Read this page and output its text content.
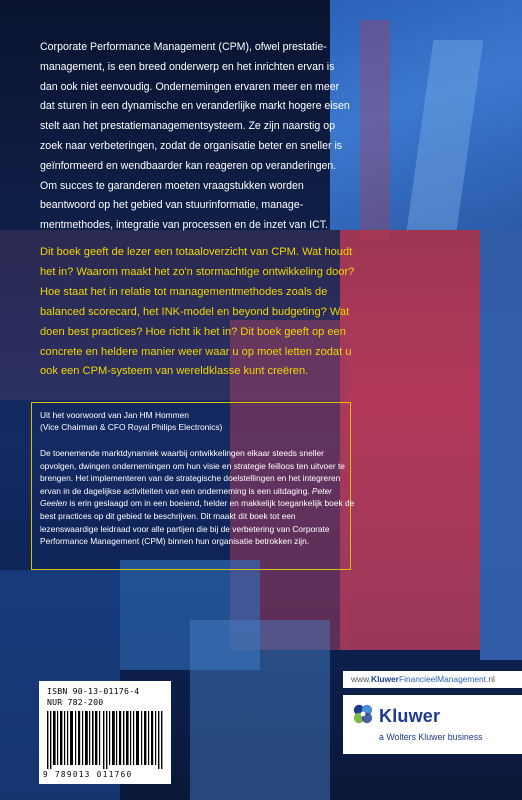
Corporate Performance Management (CPM), ofwel prestatie-management, is een breed onderwerp en het inrichten ervan is dan ook niet eenvoudig. Ondernemingen ervaren meer en meer dat sturen in een dynamische en veranderlijke markt hogere eisen stelt aan het prestatiemanagementsysteem. Ze zijn naarstig op zoek naar verbeteringen, zodat de organisatie beter en sneller is geïnformeerd en wendbaarder kan reageren op veranderingen. Om succes te garanderen moeten vraagstukken worden beantwoord op het gebied van stuurinformatie, manage-mentmethodes, integratie van processen en de inzet van ICT.
Dit boek geeft de lezer een totaaloverzicht van CPM. Wat houdt het in? Waarom maakt het zo'n stormachtige ontwikkeling door? Hoe staat het in relatie tot managementmethodes zoals de balanced scorecard, het INK-model en beyond budgeting? Wat doen best practices? Hoe richt ik het in? Dit boek geeft op een concrete en heldere manier weer waar u op moet letten zodat u ook een CPM-systeem van wereldklasse kunt creëren.
Uit het voorwoord van Jan HM Hommen
(Vice Chairman & CFO Royal Philips Electronics)
De toenemende marktdynamiek waarbij ontwikkelingen elkaar steeds sneller opvolgen, dwingen ondernemingen om hun visie en strategie feilloos ten uitvoer te brengen. Het implementeren van de strategische doelstellingen en het integreren ervan in de dagelijkse activiteiten van een onderneming is een uitdaging. Peter Geelen is erin geslaagd om in een boeiend, helder en makkelijk toegankelijk boek de best practices op dit gebied te beschrijven. Dit maakt dit boek tot een lezenswaardige leidraad voor alle partijen die bij de verbetering van Corporate Performance Management (CPM) binnen hun organisatie betrokken zijn.
ISBN 90-13-01176-4
NUR 782-200
9 789013 011760
www.KluwerFinancieelManagement.nl
Kluwer
a Wolters Kluwer business
